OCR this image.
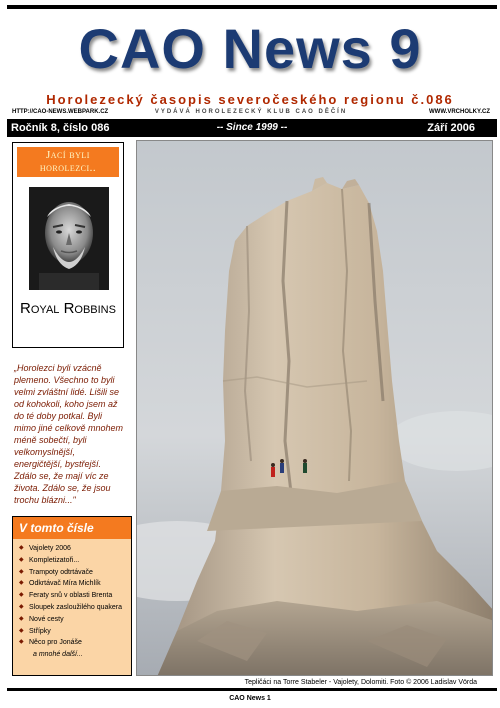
CAO News 9
Horolezecký časopis severočeského regionu č.086
HTTP://CAO-NEWS.WEBPARK.CZ	VYDÁVÁ HOROLEZECKÝ KLUB CAO DĚČÍN	WWW.VRCHOLKY.CZ
Ročník 8, číslo 086	-- Since 1999 --	Září 2006
Jací byli horolezci..
Royal Robbins
„Horolezci byli vzácně plemeno. Všechno to byli velmi zvláštní lidé. Lišili se od kohokoli, koho jsem až do té doby potkal. Byli mimo jiné celkově mnohem méně sobečtí, byli velkomyslnější, energičtější, bystřejší. Zdálo se, že mají víc ze života. Zdálo se, že jsou trochu blázni..."
V tomto čísle
◆ Vajolety 2006
◆ Kompletizatoři...
◆ Trampoty odtrtávače
◆ Odkrtávač Míra Michlík
◆ Feraty snů v oblasti Brenta
◆ Sloupek zasloužilého quakera
◆ Nové cesty
◆ Střípky
◆ Něco pro Jonáše
a mnohé další...
Tepličáci na Torre Stabeler - Vajolety, Dolomiti. Foto © 2006 Ladislav Vörda
CAO News 1
